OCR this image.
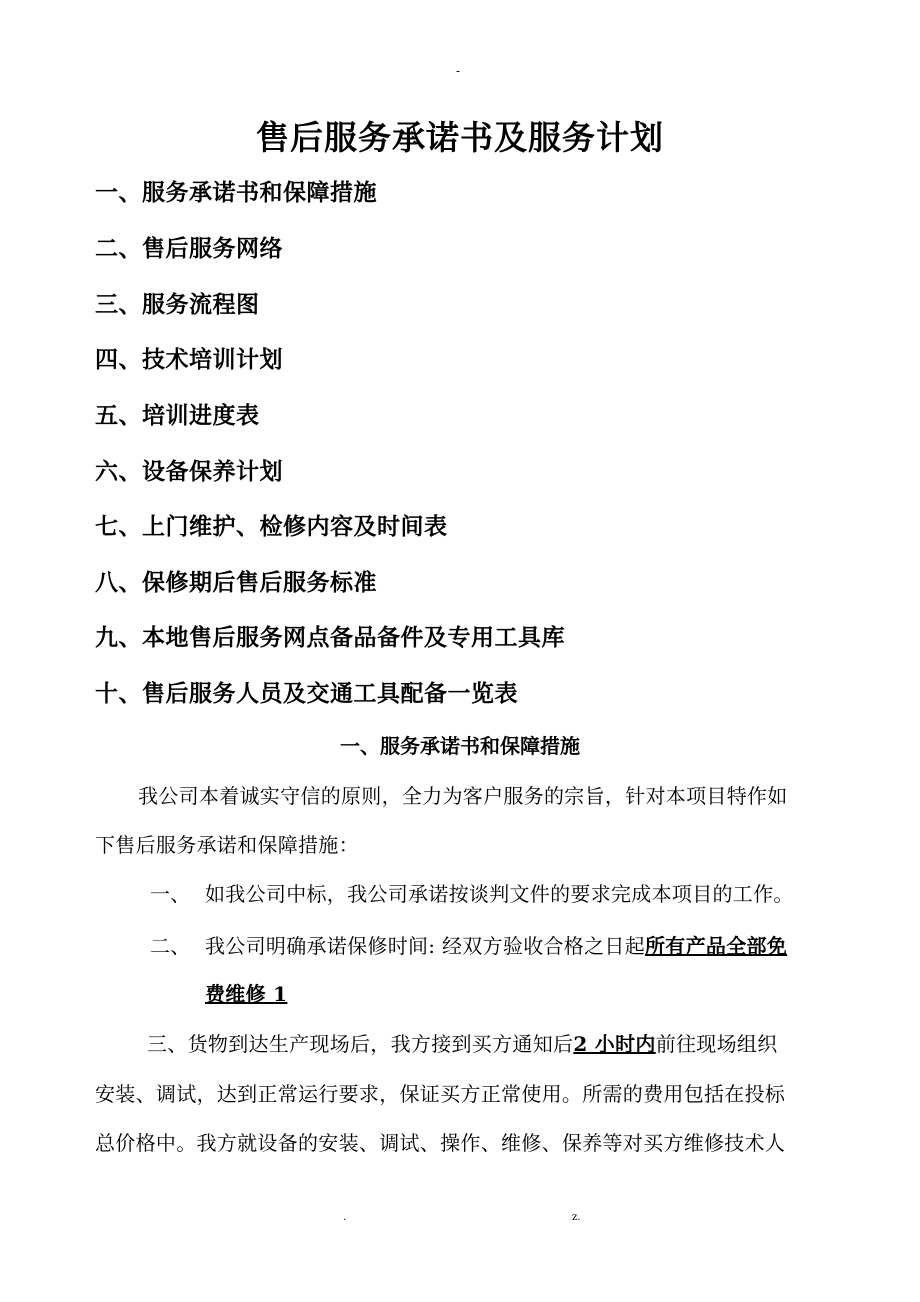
-
售后服务承诺书及服务计划
一、服务承诺书和保障措施
二、售后服务网络
三、服务流程图
四、技术培训计划
五、培训进度表
六、设备保养计划
七、上门维护、检修内容及时间表
八、保修期后售后服务标准
九、本地售后服务网点备品备件及专用工具库
十、售后服务人员及交通工具配备一览表
一、服务承诺书和保障措施
我公司本着诚实守信的原则，全力为客户服务的宗旨，针对本项目特作如
下售后服务承诺和保障措施：
一、 如我公司中标，我公司承诺按谈判文件的要求完成本项目的工作。
二、 我公司明确承诺保修时间: 经双方验收合格之日起所有产品全部免
费维修 1
三、货物到达生产现场后，我方接到买方通知后2 小时内前往现场组织
安装、调试，达到正常运行要求，保证买方正常使用。所需的费用包括在投标
总价格中。我方就设备的安装、调试、操作、维修、保养等对买方维修技术人
.	z.
